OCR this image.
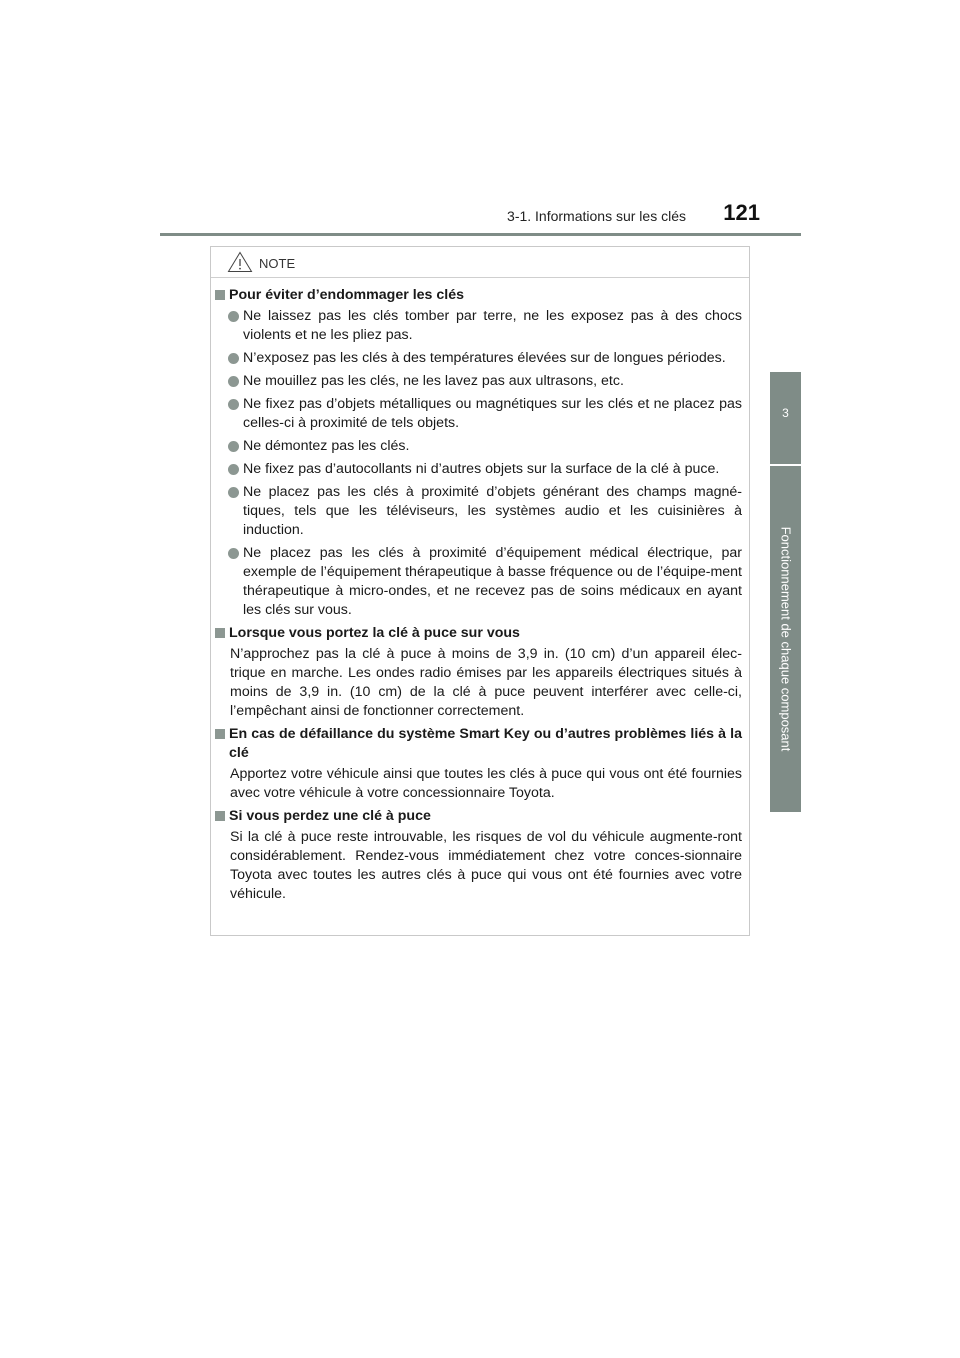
3-1. Informations sur les clés	121
3
Fonctionnement de chaque composant
NOTE
Pour éviter d’endommager les clés
Ne laissez pas les clés tomber par terre, ne les exposez pas à des chocs violents et ne les pliez pas.
N’exposez pas les clés à des températures élevées sur de longues périodes.
Ne mouillez pas les clés, ne les lavez pas aux ultrasons, etc.
Ne fixez pas d’objets métalliques ou magnétiques sur les clés et ne placez pas celles-ci à proximité de tels objets.
Ne démontez pas les clés.
Ne fixez pas d’autocollants ni d’autres objets sur la surface de la clé à puce.
Ne placez pas les clés à proximité d’objets générant des champs magné-tiques, tels que les téléviseurs, les systèmes audio et les cuisinières à induction.
Ne placez pas les clés à proximité d’équipement médical électrique, par exemple de l’équipement thérapeutique à basse fréquence ou de l’équipe-ment thérapeutique à micro-ondes, et ne recevez pas de soins médicaux en ayant les clés sur vous.
Lorsque vous portez la clé à puce sur vous
N’approchez pas la clé à puce à moins de 3,9 in. (10 cm) d’un appareil élec-trique en marche. Les ondes radio émises par les appareils électriques situés à moins de 3,9 in. (10 cm) de la clé à puce peuvent interférer avec celle-ci, l’empêchant ainsi de fonctionner correctement.
En cas de défaillance du système Smart Key ou d’autres problèmes liés à la clé
Apportez votre véhicule ainsi que toutes les clés à puce qui vous ont été fournies avec votre véhicule à votre concessionnaire Toyota.
Si vous perdez une clé à puce
Si la clé à puce reste introuvable, les risques de vol du véhicule augmente-ront considérablement. Rendez-vous immédiatement chez votre conces-sionnaire Toyota avec toutes les autres clés à puce qui vous ont été fournies avec votre véhicule.
